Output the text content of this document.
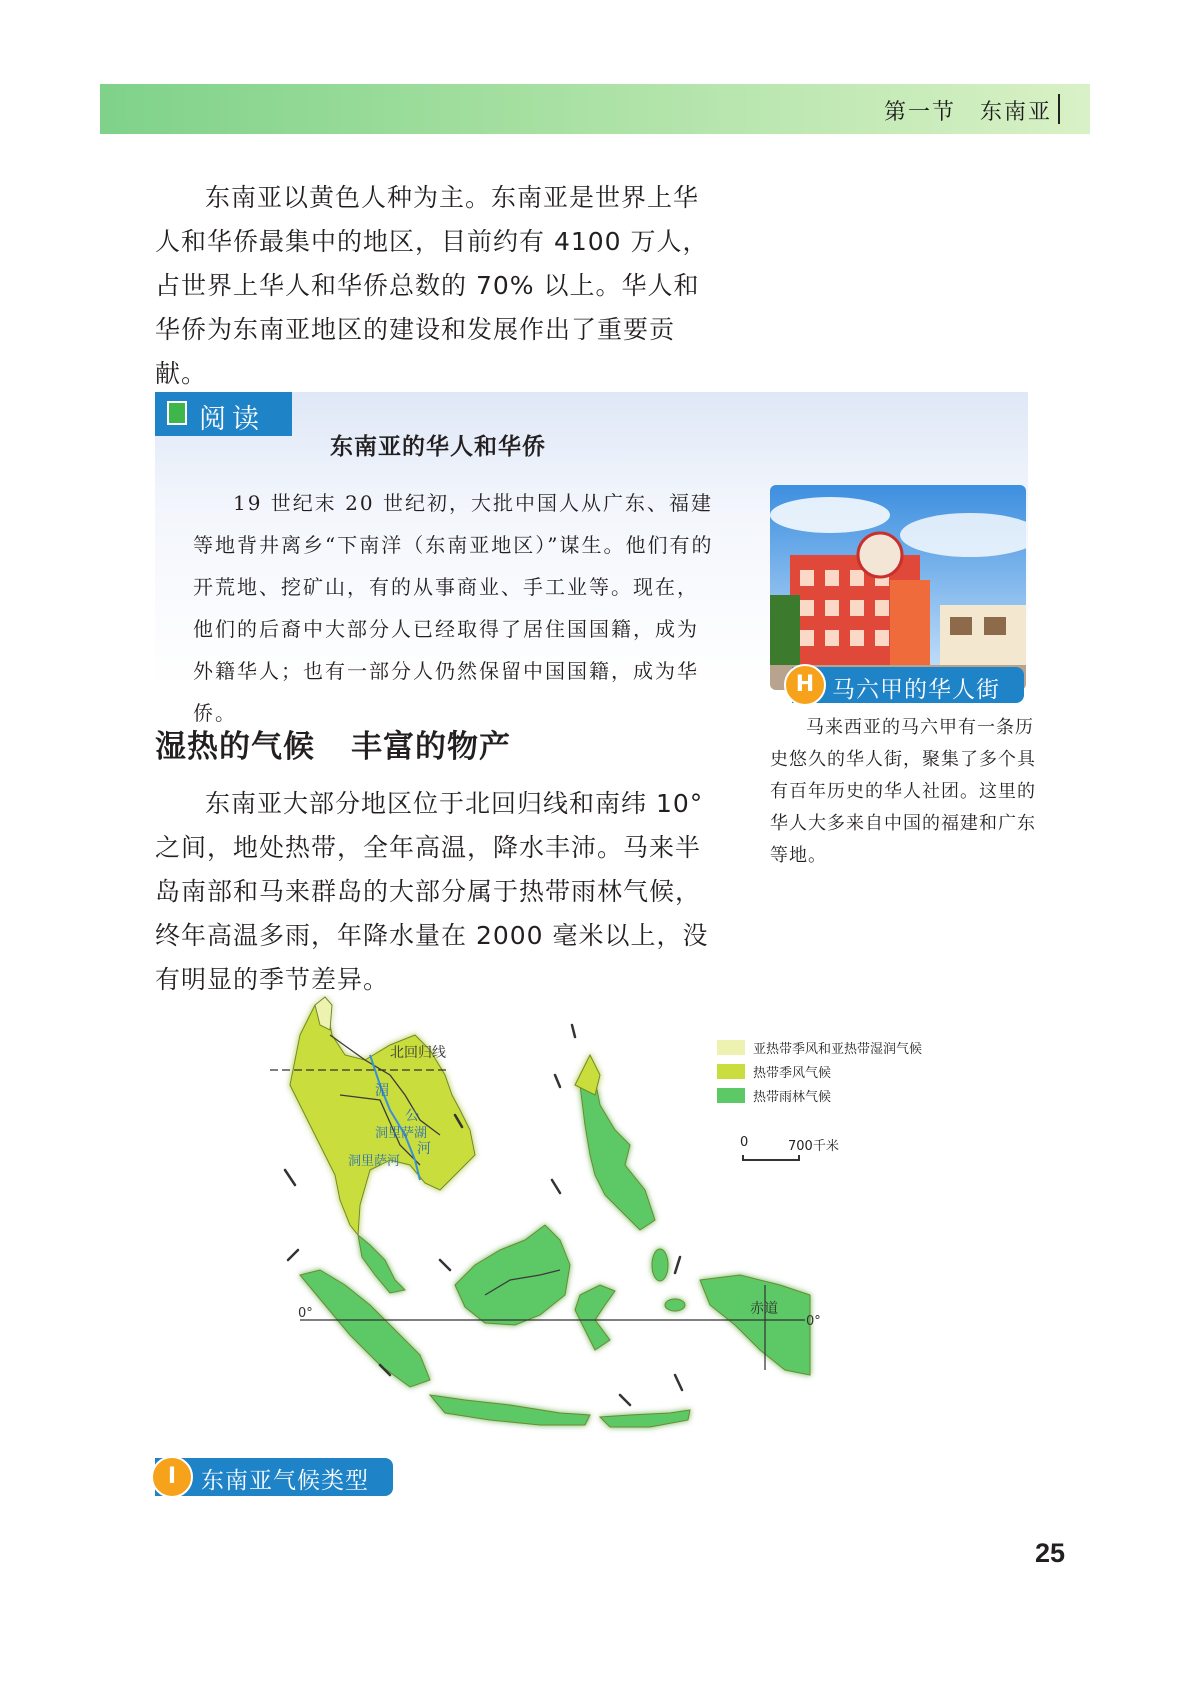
第一节　东南亚

东南亚以黄色人种为主。东南亚是世界上华人和华侨最集中的地区，目前约有 4100 万人，占世界上华人和华侨总数的 70% 以上。华人和华侨为东南亚地区的建设和发展作出了重要贡献。

阅读
东南亚的华人和华侨

19 世纪末 20 世纪初，大批中国人从广东、福建等地背井离乡“下南洋（东南亚地区）”谋生。他们有的开荒地、挖矿山，有的从事商业、手工业等。现在，他们的后裔中大部分人已经取得了居住国国籍，成为外籍华人；也有一部分人仍然保留中国国籍，成为华侨。

H 马六甲的华人街

马来西亚的马六甲有一条历史悠久的华人街，聚集了多个具有百年历史的华人社团。这里的华人大多来自中国的福建和广东等地。

湿热的气候 丰富的物产

东南亚大部分地区位于北回归线和南纬 10° 之间，地处热带，全年高温，降水丰沛。马来半岛南部和马来群岛的大部分属于热带雨林气候，终年高温多雨，年降水量在 2000 毫米以上，没有明显的季节差异。

北回归线
0°
0°
赤道
湄
公
河
洞里萨湖
洞里萨河
亚热带季风和亚热带湿润气候
热带季风气候
热带雨林气候
0	700千米
I	东南亚气候类型
25
